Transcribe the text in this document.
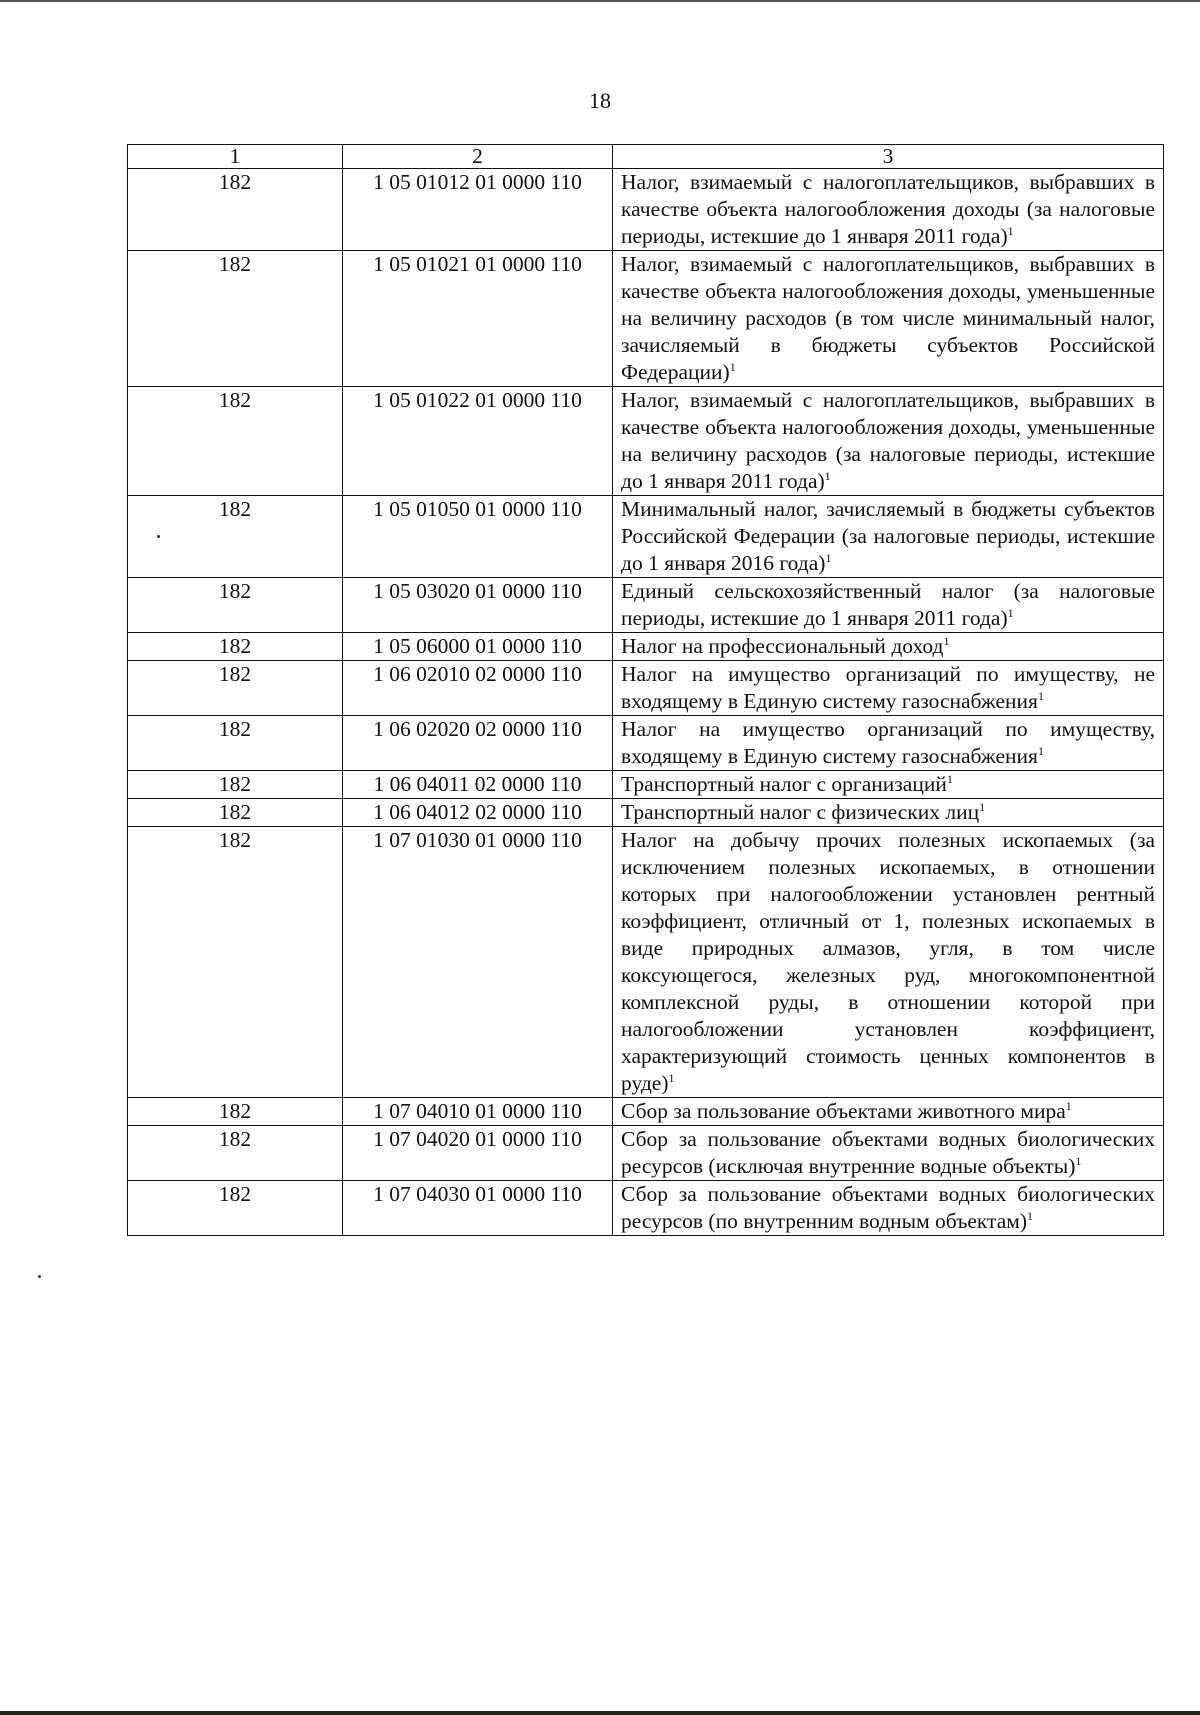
18
1	2	3
182	1 05 01012 01 0000 110	Налог, взимаемый с налогоплательщиков, выбравших в качестве объекта налогообложения доходы (за налоговые периоды, истекшие до 1 января 2011 года)$^1$
182	1 05 01021 01 0000 110	Налог, взимаемый с налогоплательщиков, выбравших в качестве объекта налогообложения доходы, уменьшенные на величину расходов (в том числе минимальный налог, зачисляемый в бюджеты субъектов Российской Федерации)$^1$
182	1 05 01022 01 0000 110	Налог, взимаемый с налогоплательщиков, выбравших в качестве объекта налогообложения доходы, уменьшенные на величину расходов (за налоговые периоды, истекшие до 1 января 2011 года)$^1$
182	1 05 01050 01 0000 110	Минимальный налог, зачисляемый в бюджеты субъектов Российской Федерации (за налоговые периоды, истекшие до 1 января 2016 года)$^1$
182	1 05 03020 01 0000 110	Единый сельскохозяйственный налог (за налоговые периоды, истекшие до 1 января 2011 года)$^1$
182	1 05 06000 01 0000 110	Налог на профессиональный доход$^1$
182	1 06 02010 02 0000 110	Налог на имущество организаций по имуществу, не входящему в Единую систему газоснабжения$^1$
182	1 06 02020 02 0000 110	Налог на имущество организаций по имуществу, входящему в Единую систему газоснабжения$^1$
182	1 06 04011 02 0000 110	Транспортный налог с организаций$^1$
182	1 06 04012 02 0000 110	Транспортный налог с физических лиц$^1$
182	1 07 01030 01 0000 110	Налог на добычу прочих полезных ископаемых (за исключением полезных ископаемых, в отношении которых при налогообложении установлен рентный коэффициент, отличный от 1, полезных ископаемых в виде природных алмазов, угля, в том числе коксующегося, железных руд, многокомпонентной комплексной руды, в отношении которой при налогообложении установлен коэффициент, характеризующий стоимость ценных компонентов в руде)$^1$
182	1 07 04010 01 0000 110	Сбор за пользование объектами животного мира$^1$
182	1 07 04020 01 0000 110	Сбор за пользование объектами водных биологических ресурсов (исключая внутренние водные объекты)$^1$
182	1 07 04030 01 0000 110	Сбор за пользование объектами водных биологических ресурсов (по внутренним водным объектам)$^1$
